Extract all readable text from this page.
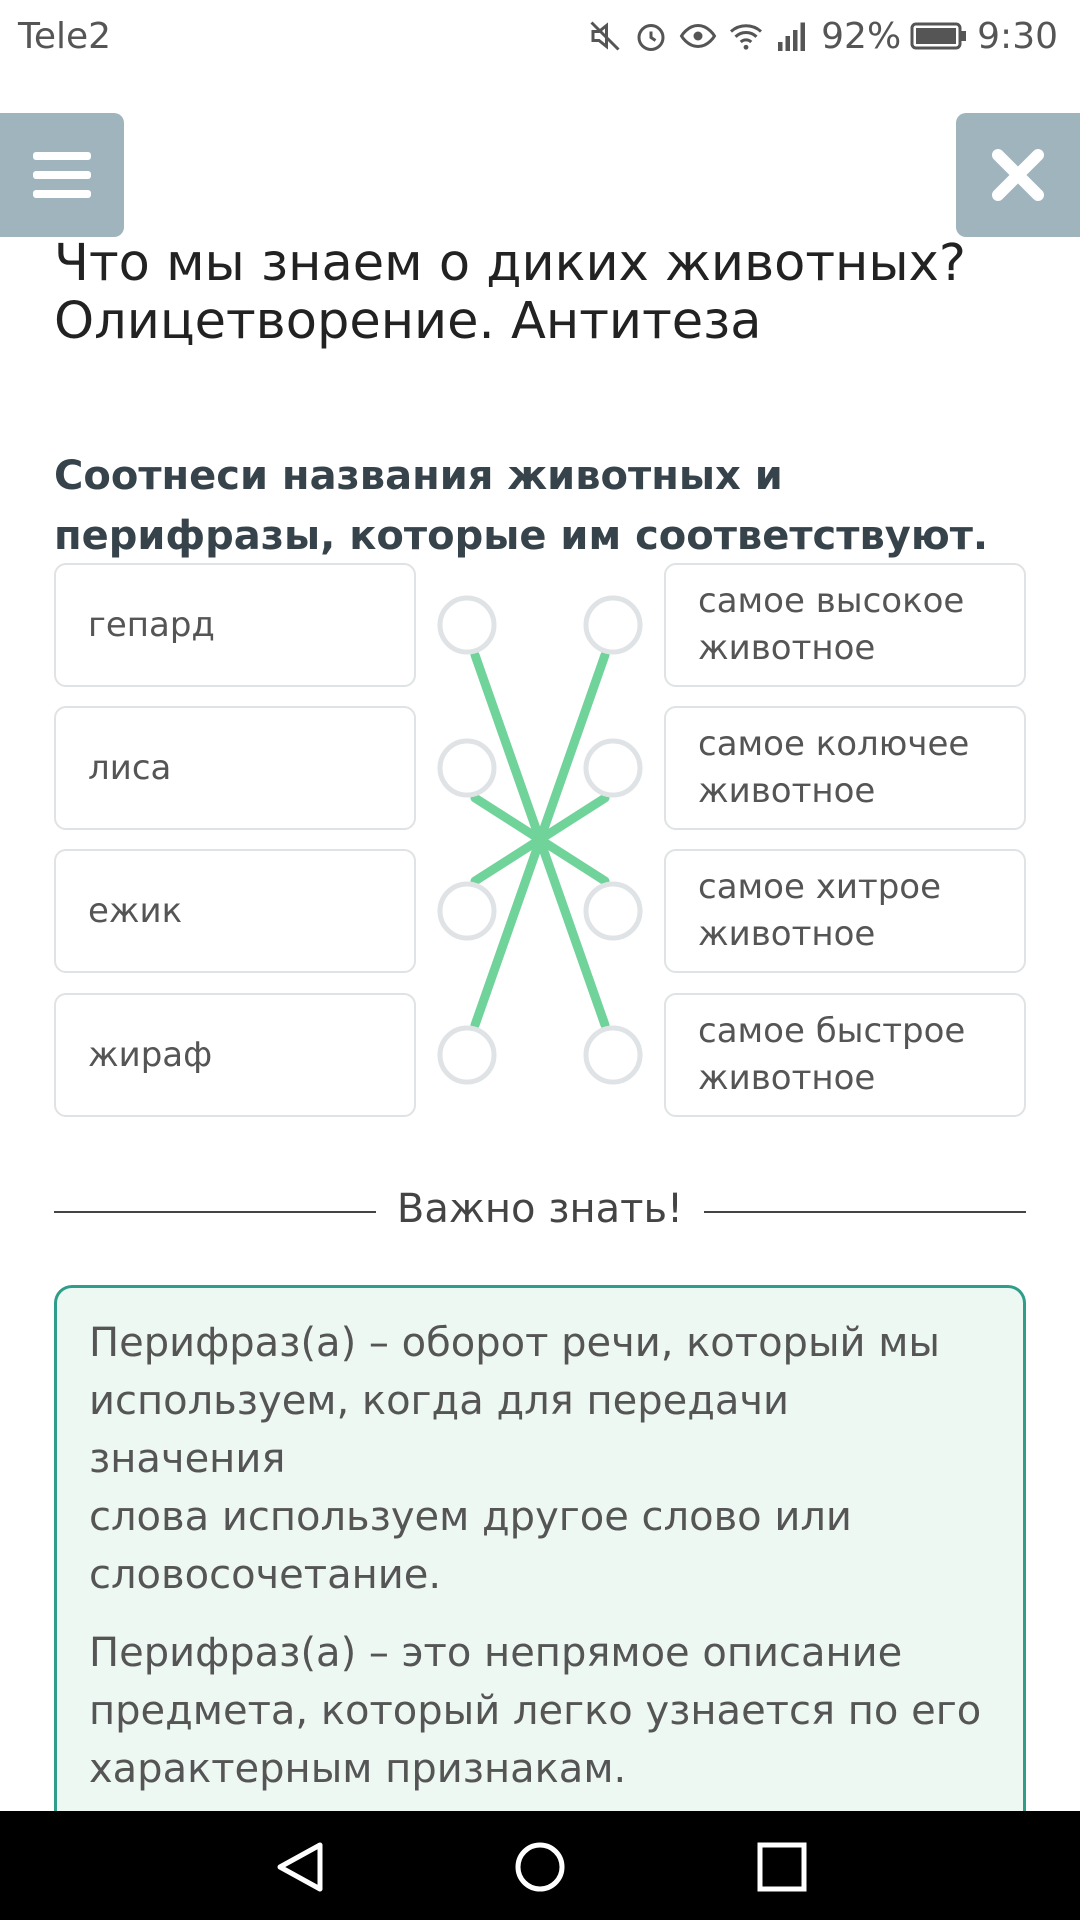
Tele2	92% 9:30
Что мы знаем о диких животных?
Олицетворение. Антитеза
Соотнеси названия животных и
перифразы, которые им соответствуют.
гепард
лиса
ежик
жираф
самое высокое
животное
самое колючее
животное
самое хитрое
животное
самое быстрое
животное
Важно знать!

Перифраз(а) – оборот речи, который мы
используем, когда для передачи значения
слова используем другое слово или
словосочетание.

Перифраз(а) – это непрямое описание
предмета, который легко узнается по его
характерным признакам.
